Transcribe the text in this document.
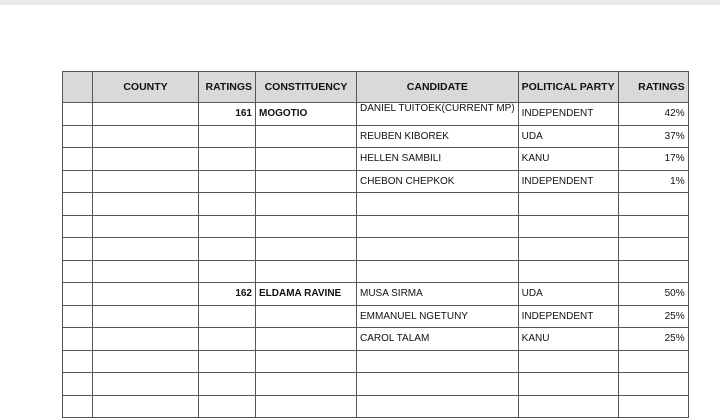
	COUNTY	RATINGS	CONSTITUENCY	CANDIDATE	POLITICAL PARTY	RATINGS
		161	MOGOTIO	DANIEL TUITOEK(CURRENT MP)	INDEPENDENT	42%
				REUBEN KIBOREK	UDA	37%
				HELLEN SAMBILI	KANU	17%
				CHEBON CHEPKOK	INDEPENDENT	1%

		162	ELDAMA RAVINE	MUSA SIRMA	UDA	50%
				EMMANUEL NGETUNY	INDEPENDENT	25%
				CAROL TALAM	KANU	25%
